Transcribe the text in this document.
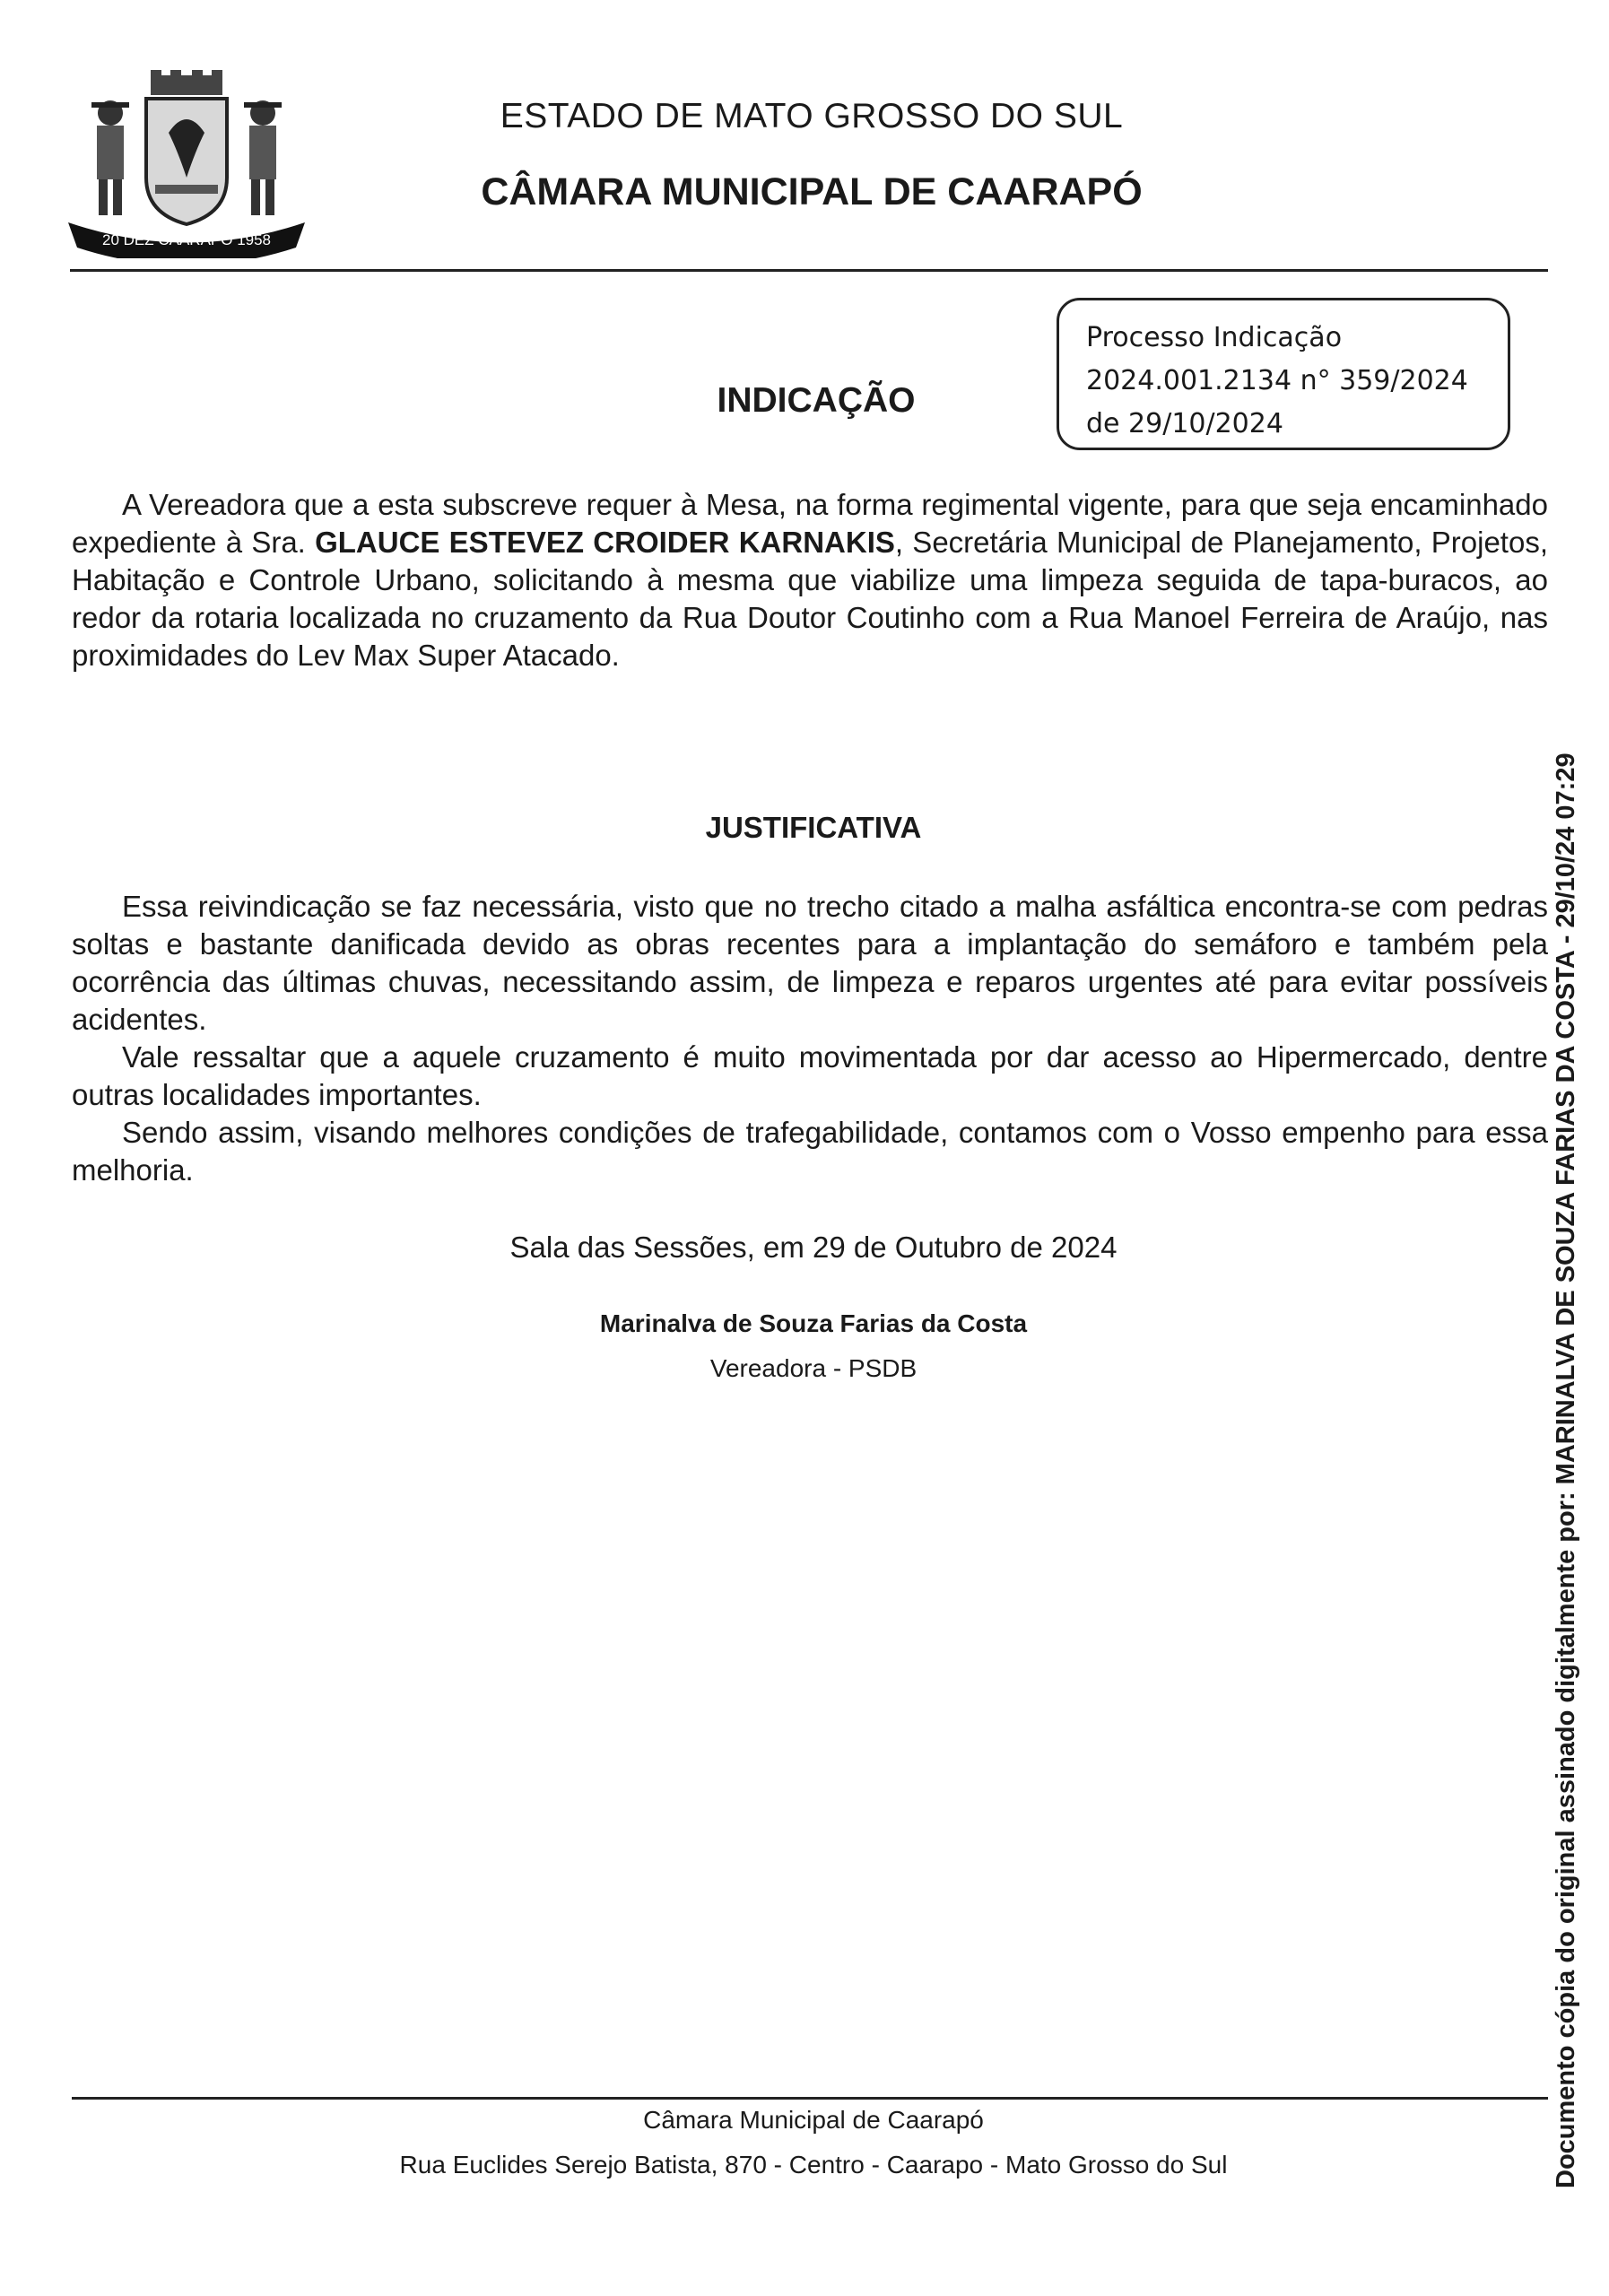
20 DEZ CAARAPÓ 1958
ESTADO DE MATO GROSSO DO SUL
CÂMARA MUNICIPAL DE CAARAPÓ
Processo Indicação
2024.001.2134 n° 359/2024
de 29/10/2024
INDICAÇÃO

A Vereadora que a esta subscreve requer à Mesa, na forma regimental vigente, para que seja encaminhado expediente à Sra. GLAUCE ESTEVEZ CROIDER KARNAKIS, Secretária Municipal de Planejamento, Projetos, Habitação e Controle Urbano, solicitando à mesma que viabilize uma limpeza seguida de tapa-buracos, ao redor da rotaria localizada no cruzamento da Rua Doutor Coutinho com a Rua Manoel Ferreira de Araújo, nas proximidades do Lev Max Super Atacado.

JUSTIFICATIVA

Essa reivindicação se faz necessária, visto que no trecho citado a malha asfáltica encontra-se com pedras soltas e bastante danificada devido as obras recentes para a implantação do semáforo e também pela ocorrência das últimas chuvas, necessitando assim, de limpeza e reparos urgentes até para evitar possíveis acidentes.

Vale ressaltar que a aquele cruzamento é muito movimentada por dar acesso ao Hipermercado, dentre outras localidades importantes.

Sendo assim, visando melhores condições de trafegabilidade, contamos com o Vosso empenho para essa melhoria.

Sala das Sessões, em 29 de Outubro de 2024
Marinalva de Souza Farias da Costa
Vereadora - PSDB
Câmara Municipal de Caarapó
Rua Euclides Serejo Batista, 870 - Centro - Caarapo - Mato Grosso do Sul	Documento cópia do original assinado digitalmente por: MARINALVA DE SOUZA FARIAS DA COSTA - 29/10/24 07:29
